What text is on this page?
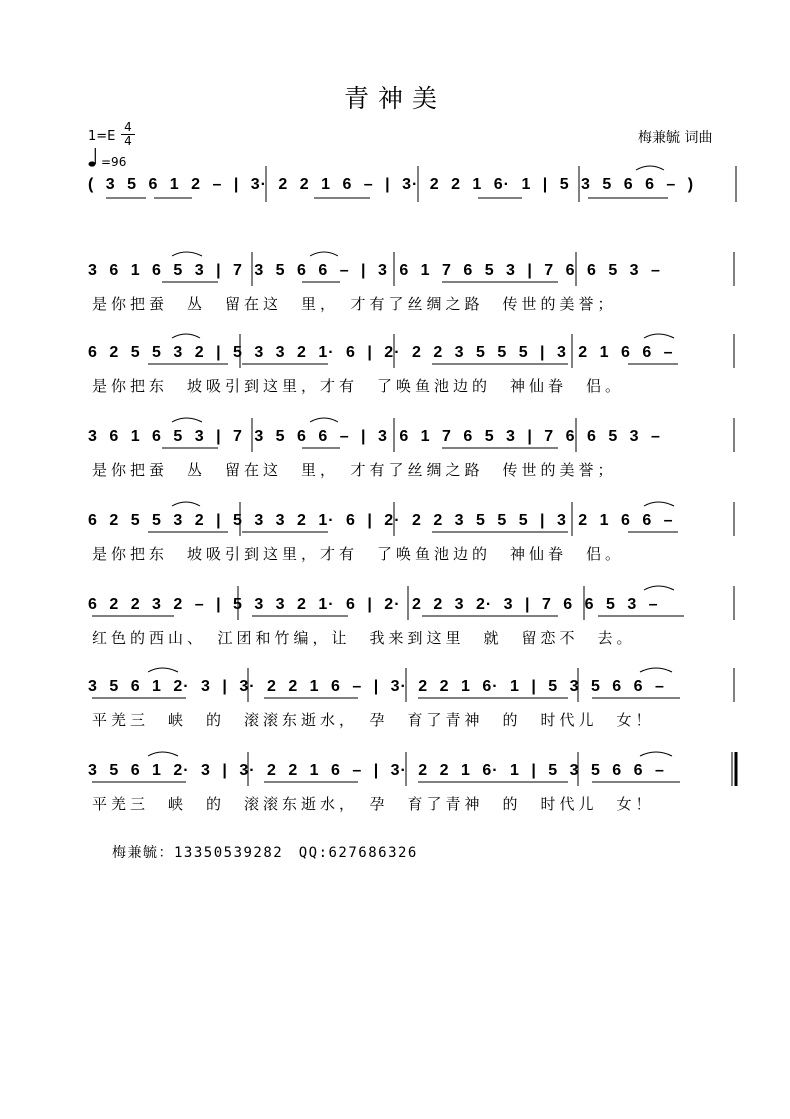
青神美
1=E
4
4
=96
梅兼毓 词曲
( 3 5 6 1 2 – | 3· 2 2 1 6 – | 3· 2 2 1 6· 1 | 5 3 5 6 6 – )
3 6 1 6 5 3 | 7 3 5 6 6 – | 3 6 1 7 6 5 3 | 7 6 6 5 3 –
是你把蚕　丛　留在这　里，　才有了丝绸之路　传世的美誉；
6 2 5 5 3 2 | 5 3 3 2 1· 6 | 2· 2 2 3 5 5 5 | 3 2 1 6 6 –
是你把东　坡吸引到这里，才有　了唤鱼池边的　神仙眷　侣。
3 6 1 6 5 3 | 7 3 5 6 6 – | 3 6 1 7 6 5 3 | 7 6 6 5 3 –
是你把蚕　丛　留在这　里，　才有了丝绸之路　传世的美誉；
6 2 5 5 3 2 | 5 3 3 2 1· 6 | 2· 2 2 3 5 5 5 | 3 2 1 6 6 –
是你把东　坡吸引到这里，才有　了唤鱼池边的　神仙眷　侣。
6 2 2 3 2 – | 5 3 3 2 1· 6 | 2· 2 2 3 2· 3 | 7 6 6 5 3 –
红色的西山、　江团和竹编，让　我来到这里　就　留恋不　去。
3 5 6 1 2· 3 | 3· 2 2 1 6 – | 3· 2 2 1 6· 1 | 5 3 5 6 6 –
平羌三　峡　的　滚滚东逝水，　孕　育了青神　的　时代儿　女！
3 5 6 1 2· 3 | 3· 2 2 1 6 – | 3· 2 2 1 6· 1 | 5 3 5 6 6 –
平羌三　峡　的　滚滚东逝水，　孕　育了青神　的　时代儿　女！
梅兼毓：13350539282　QQ:627686326
